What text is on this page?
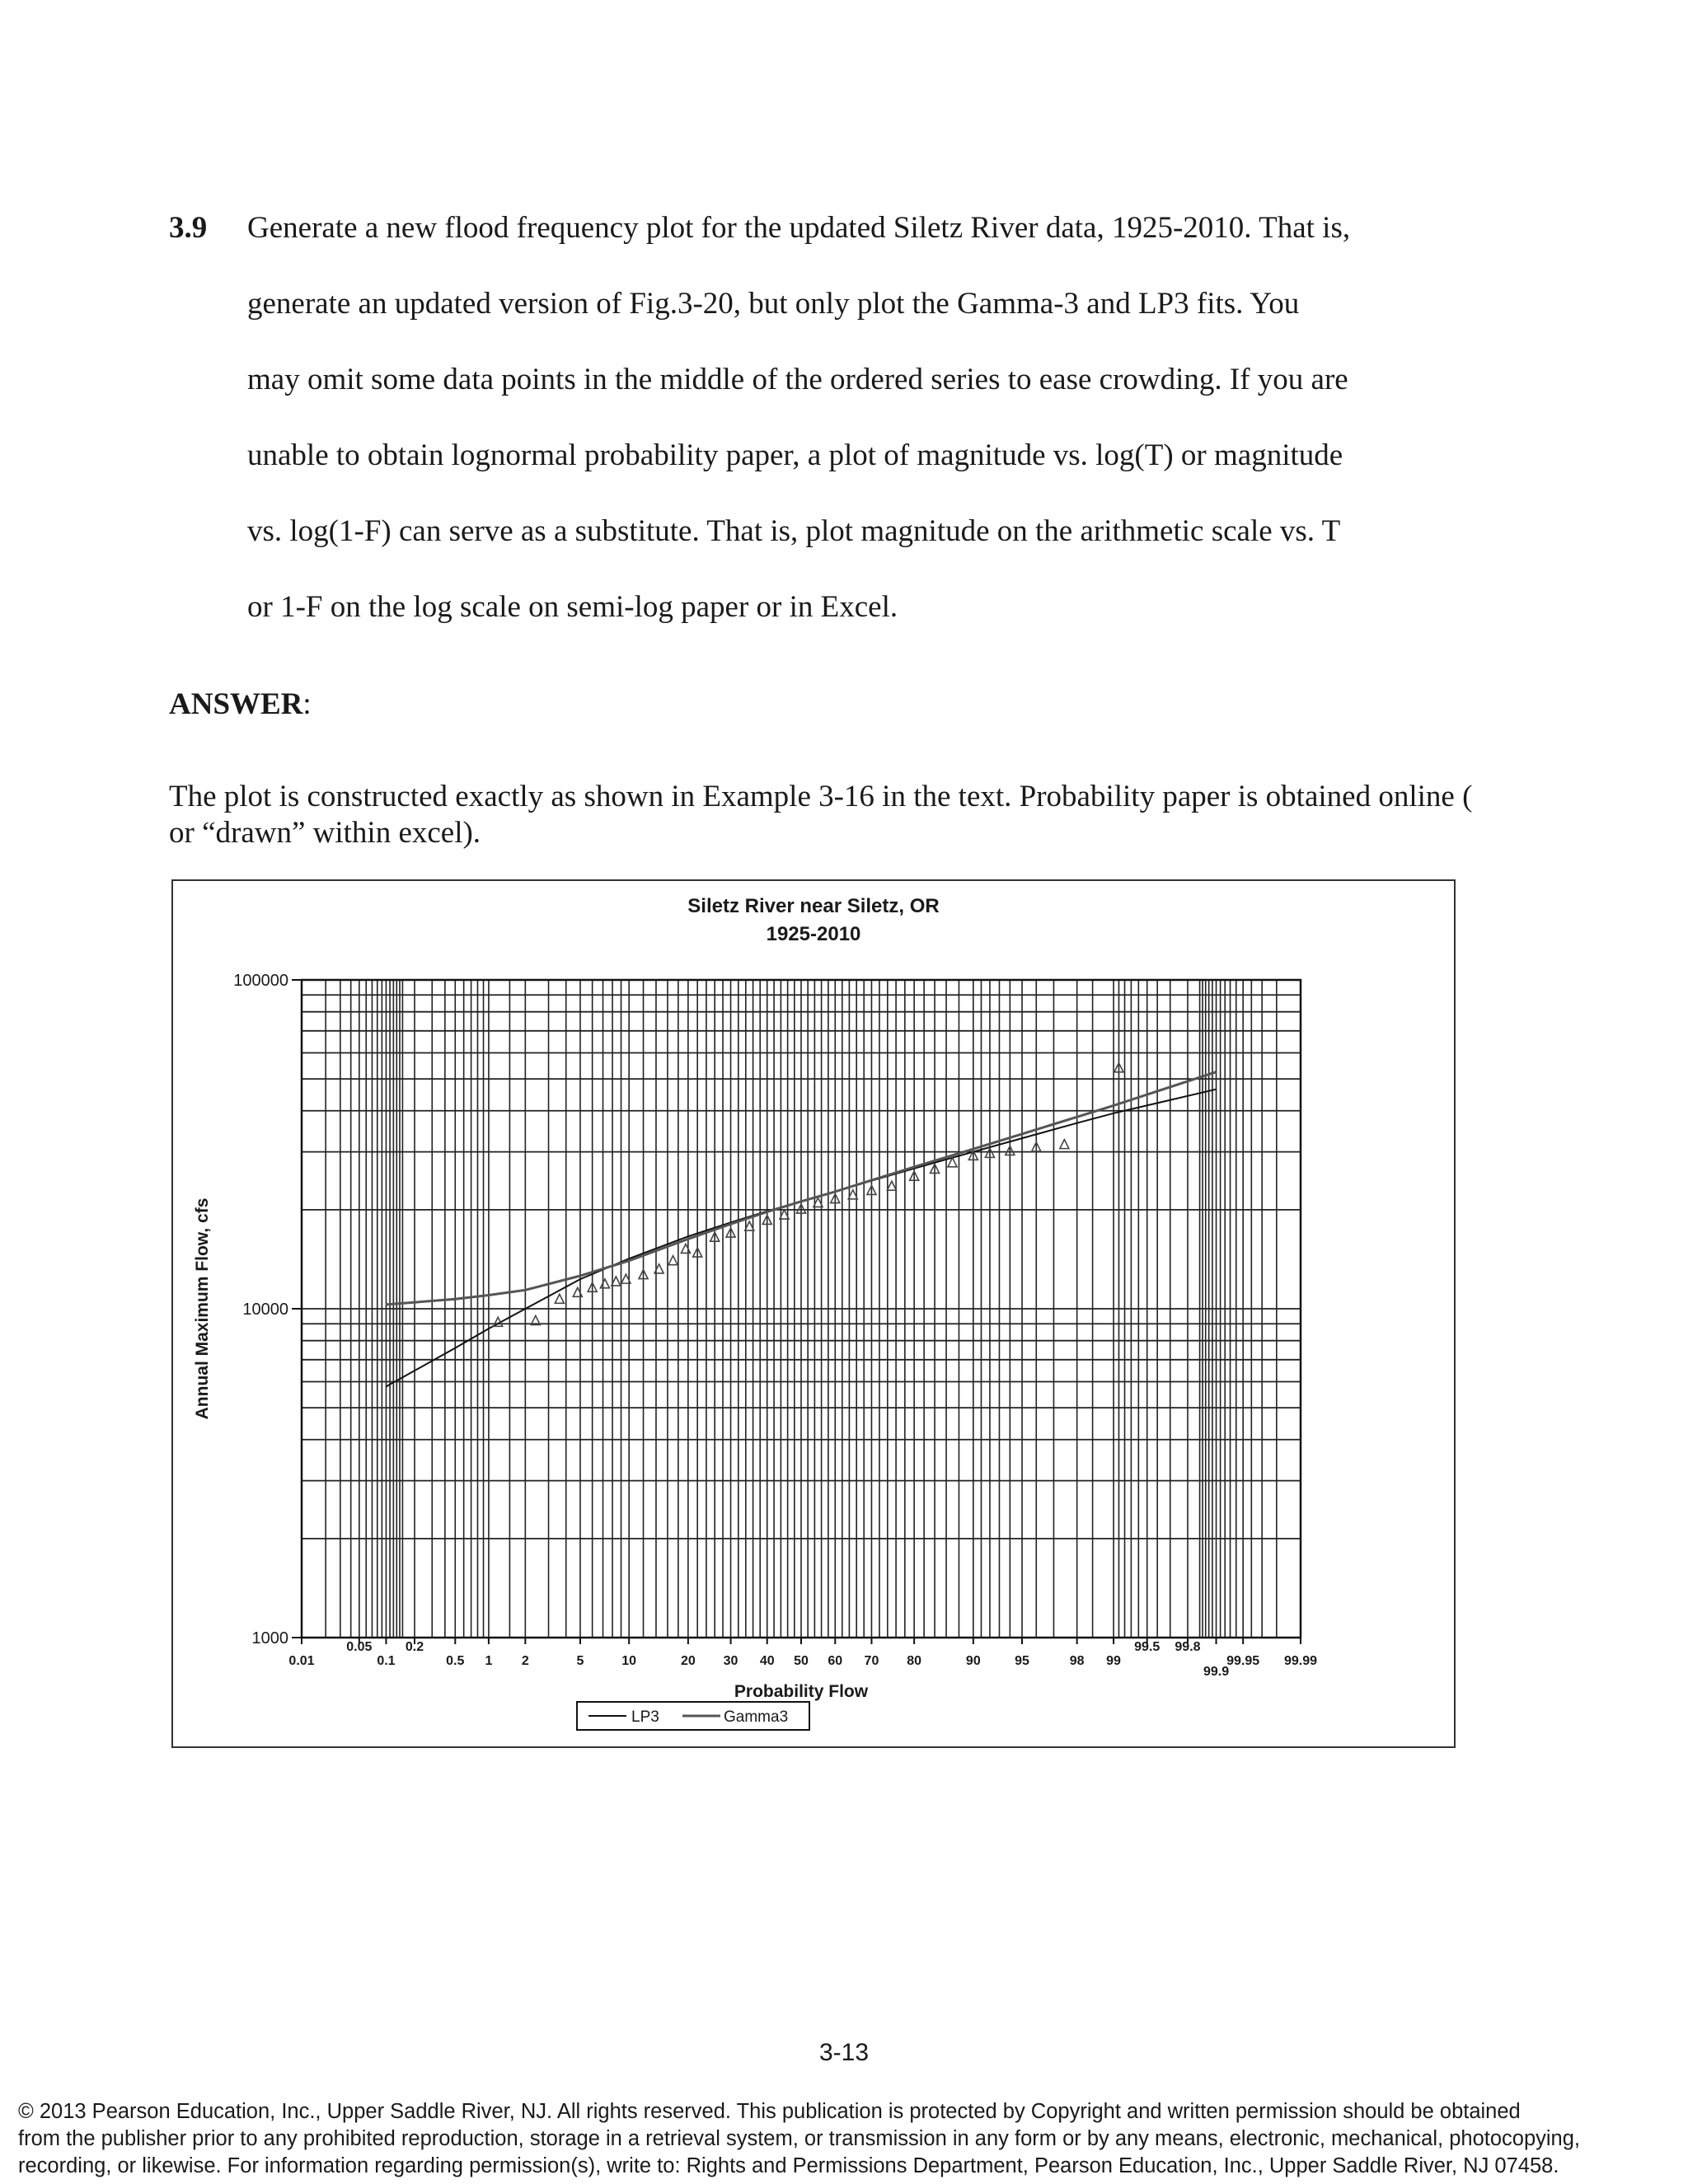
3.9 Generate a new flood frequency plot for the updated Siletz River data, 1925-2010. That is,
generate an updated version of Fig.3-20, but only plot the Gamma-3 and LP3 fits. You
may omit some data points in the middle of the ordered series to ease crowding. If you are
unable to obtain lognormal probability paper, a plot of magnitude vs. log(T) or magnitude
vs. log(1-F) can serve as a substitute. That is, plot magnitude on the arithmetic scale vs. T
or 1-F on the log scale on semi-log paper or in Excel.
ANSWER:
The plot is constructed exactly as shown in Example 3-16 in the text. Probability paper is obtained online ( or “drawn” within excel).
1000
10000
100000
0.01
0.05
0.1
0.2
0.5 1 2	5	10	20 30 40 50 60 70 80	90	95	98 99
99.5 99.8
99.9
99.95 99.99
Siletz River near Siletz, OR
1925-2010
Probability Flow
Annual Maximum Flow, cfs
LP3	Gamma3
3-13
© 2013 Pearson Education, Inc., Upper Saddle River, NJ. All rights reserved. This publication is protected by Copyright and written permission should be obtained
from the publisher prior to any prohibited reproduction, storage in a retrieval system, or transmission in any form or by any means, electronic, mechanical, photocopying,
recording, or likewise. For information regarding permission(s), write to: Rights and Permissions Department, Pearson Education, Inc., Upper Saddle River, NJ 07458.
